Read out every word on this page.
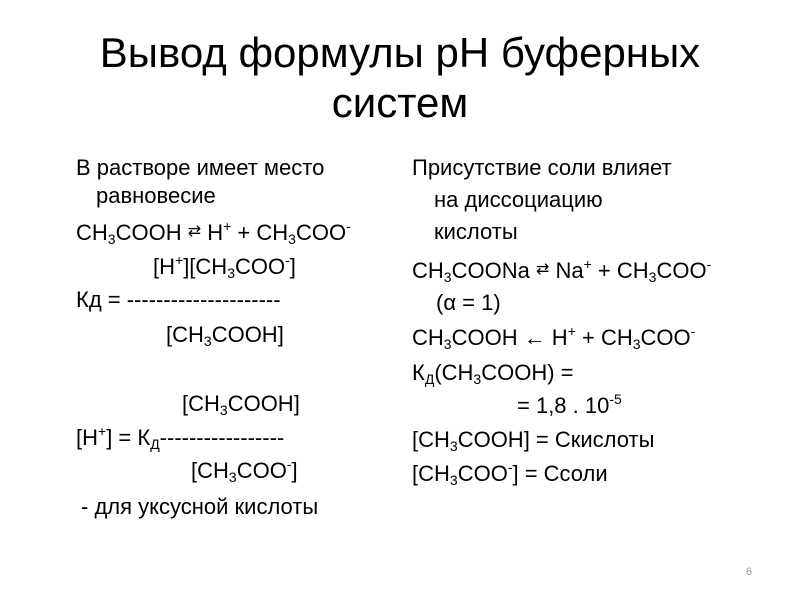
Вывод формулы pH буферных систем
В растворе имеет место
равновесие
$CH_3COOH$ ⇄ $H^+ + CH_3COO^-$
$[H^+][CH_3COO^-]$
Кд = ---------------------
$[CH_3COOH]$
$[CH_3COOH]$
$[H^+] = К_Д-----------------$
$[CH_3COO^-]$
- для уксусной кислоты
Присутствие соли влияет
на диссоциацию
кислоты
$CH_3COONa$ ⇄ $Na^+ + CH_3COO^-$
(α = 1)
$CH_3COOH$ ← $H^+ + CH_3COO^-$
$К_Д(CH_3COOH)$ =
= 1,8 . $10^{-5}$
$[CH_3COOH]$ = Cкислоты
$[CH_3COO^-]$ = Cсоли
6
